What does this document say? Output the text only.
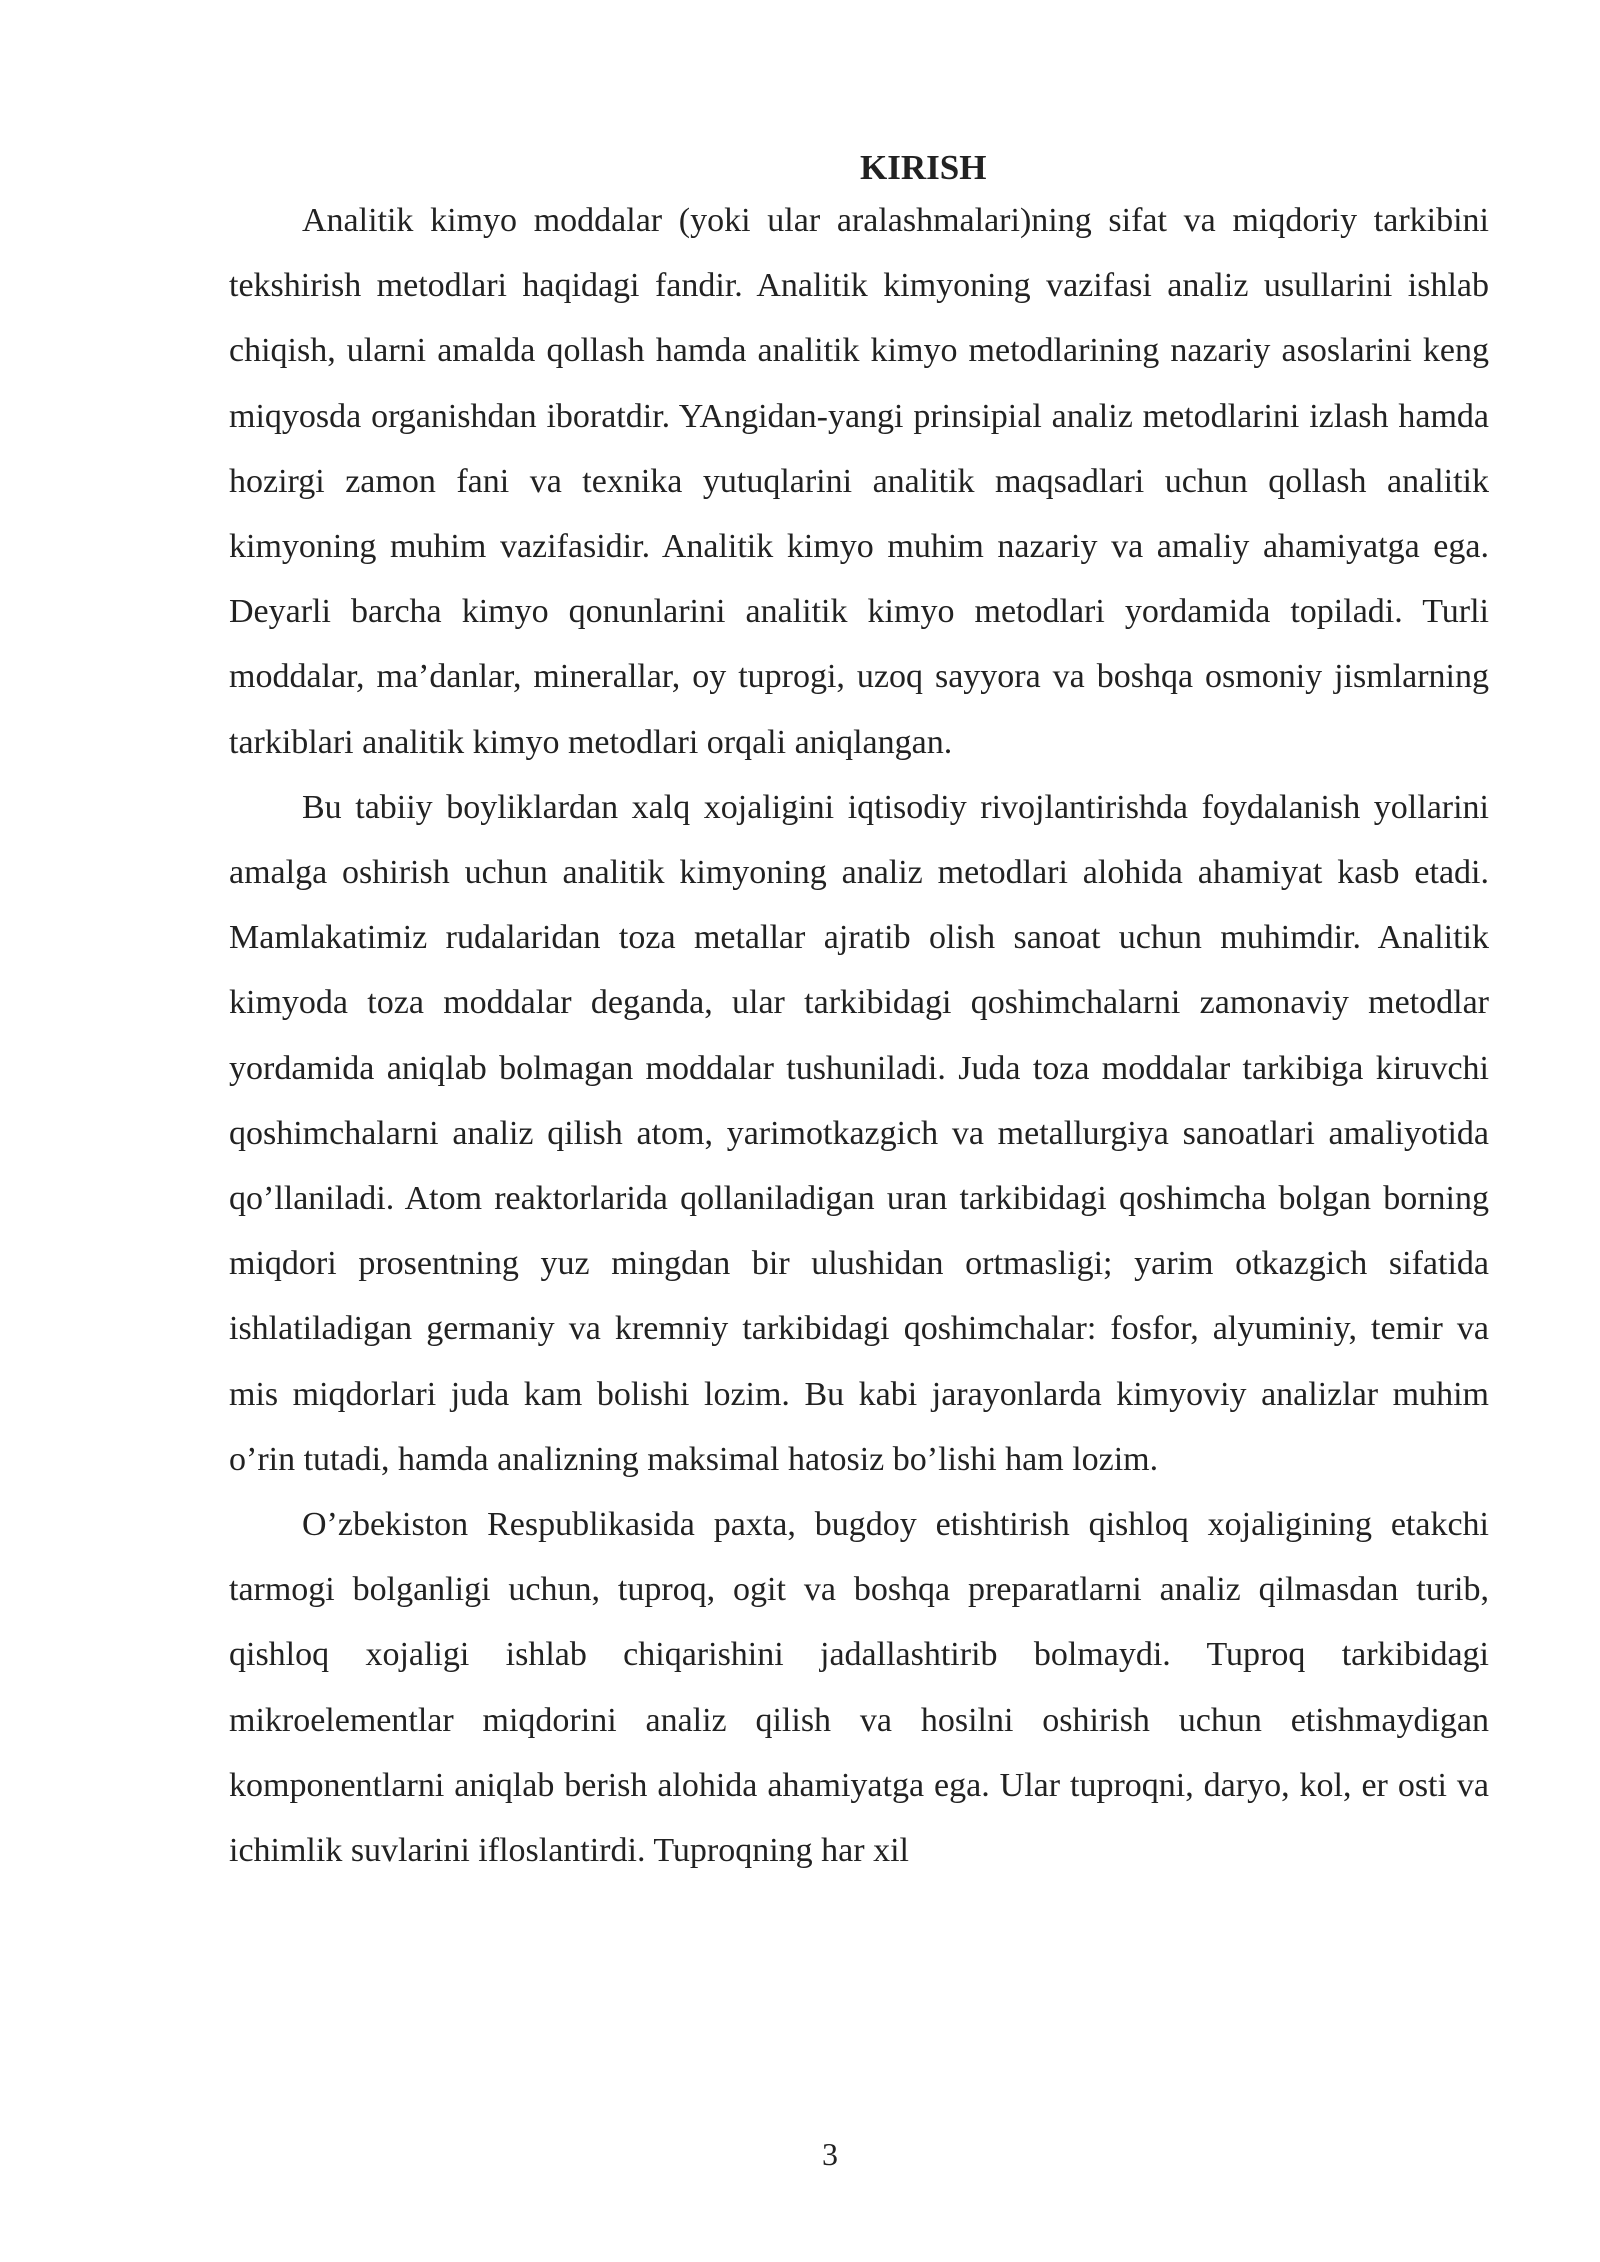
KIRISH

Analitik kimyo moddalar (yoki ular aralashmalari)ning sifat va miqdoriy tarkibini tekshirish metodlari haqidagi fandir. Analitik kimyoning vazifasi analiz usullarini ishlab chiqish, ularni amalda qollash hamda analitik kimyo metodlarining nazariy asoslarini keng miqyosda organishdan iboratdir. YAngidan-yangi prinsipial analiz metodlarini izlash hamda hozirgi zamon fani va texnika yutuqlarini analitik maqsadlari uchun qollash analitik kimyoning muhim vazifasidir. Analitik kimyo muhim nazariy va amaliy ahamiyatga ega. Deyarli barcha kimyo qonunlarini analitik kimyo metodlari yordamida topiladi. Turli moddalar, ma’danlar, minerallar, oy tuprogi, uzoq sayyora va boshqa osmoniy jismlarning tarkiblari analitik kimyo metodlari orqali aniqlangan.

Bu tabiiy boyliklardan xalq xojaligini iqtisodiy rivojlantirishda foydalanish yollarini amalga oshirish uchun analitik kimyoning analiz metodlari alohida ahamiyat kasb etadi. Mamlakatimiz rudalaridan toza metallar ajratib olish sanoat uchun muhimdir. Analitik kimyoda toza moddalar deganda, ular tarkibidagi qoshimchalarni zamonaviy metodlar yordamida aniqlab bolmagan moddalar tushuniladi. Juda toza moddalar tarkibiga kiruvchi qoshimchalarni analiz qilish atom, yarimotkazgich va metallurgiya sanoatlari amaliyotida qo’llaniladi. Atom reaktorlarida qollaniladigan uran tarkibidagi qoshimcha bolgan borning miqdori prosentning yuz mingdan bir ulushidan ortmasligi; yarim otkazgich sifatida ishlatiladigan germaniy va kremniy tarkibidagi qoshimchalar: fosfor, alyuminiy, temir va mis miqdorlari juda kam bolishi lozim. Bu kabi jarayonlarda kimyoviy analizlar muhim o’rin tutadi, hamda analizning maksimal hatosiz bo’lishi ham lozim.

O’zbekiston Respublikasida paxta, bugdoy etishtirish qishloq xojaligining etakchi tarmogi bolganligi uchun, tuproq, ogit va boshqa preparatlarni analiz qilmasdan turib, qishloq xojaligi ishlab chiqarishini jadallashtirib bolmaydi. Tuproq tarkibidagi mikroelementlar miqdorini analiz qilish va hosilni oshirish uchun etishmaydigan komponentlarni aniqlab berish alohida ahamiyatga ega. Ular tuproqni, daryo, kol, er osti va ichimlik suvlarini ifloslantirdi. Tuproqning har xil

3
